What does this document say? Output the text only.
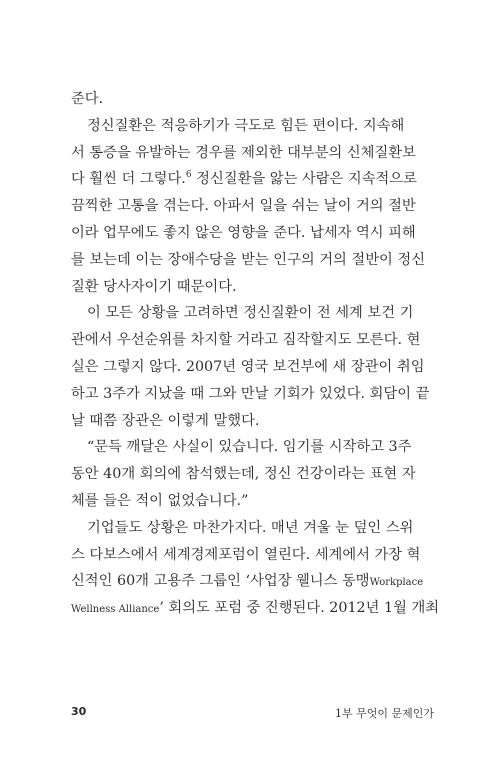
준다.
정신질환은 적응하기가 극도로 힘든 편이다. 지속해
서 통증을 유발하는 경우를 제외한 대부분의 신체질환보
다 훨씬 더 그렇다.$^6$ 정신질환을 앓는 사람은 지속적으로
끔찍한 고통을 겪는다. 아파서 일을 쉬는 날이 거의 절반
이라 업무에도 좋지 않은 영향을 준다. 납세자 역시 피해
를 보는데 이는 장애수당을 받는 인구의 거의 절반이 정신
질환 당사자이기 때문이다.
이 모든 상황을 고려하면 정신질환이 전 세계 보건 기
관에서 우선순위를 차지할 거라고 짐작할지도 모른다. 현
실은 그렇지 않다. 2007년 영국 보건부에 새 장관이 취임
하고 3주가 지났을 때 그와 만날 기회가 있었다. 회담이 끝
날 때쯤 장관은 이렇게 말했다.
“문득 깨달은 사실이 있습니다. 임기를 시작하고 3주
동안 40개 회의에 참석했는데, 정신 건강이라는 표현 자
체를 들은 적이 없었습니다.”
기업들도 상황은 마찬가지다. 매년 겨울 눈 덮인 스위
스 다보스에서 세계경제포럼이 열린다. 세계에서 가장 혁
신적인 60개 고용주 그룹인 ‘사업장 웰니스 동맹Workplace
Wellness Alliance’ 회의도 포럼 중 진행된다. 2012년 1월 개최
30	1부 무엇이 문제인가
